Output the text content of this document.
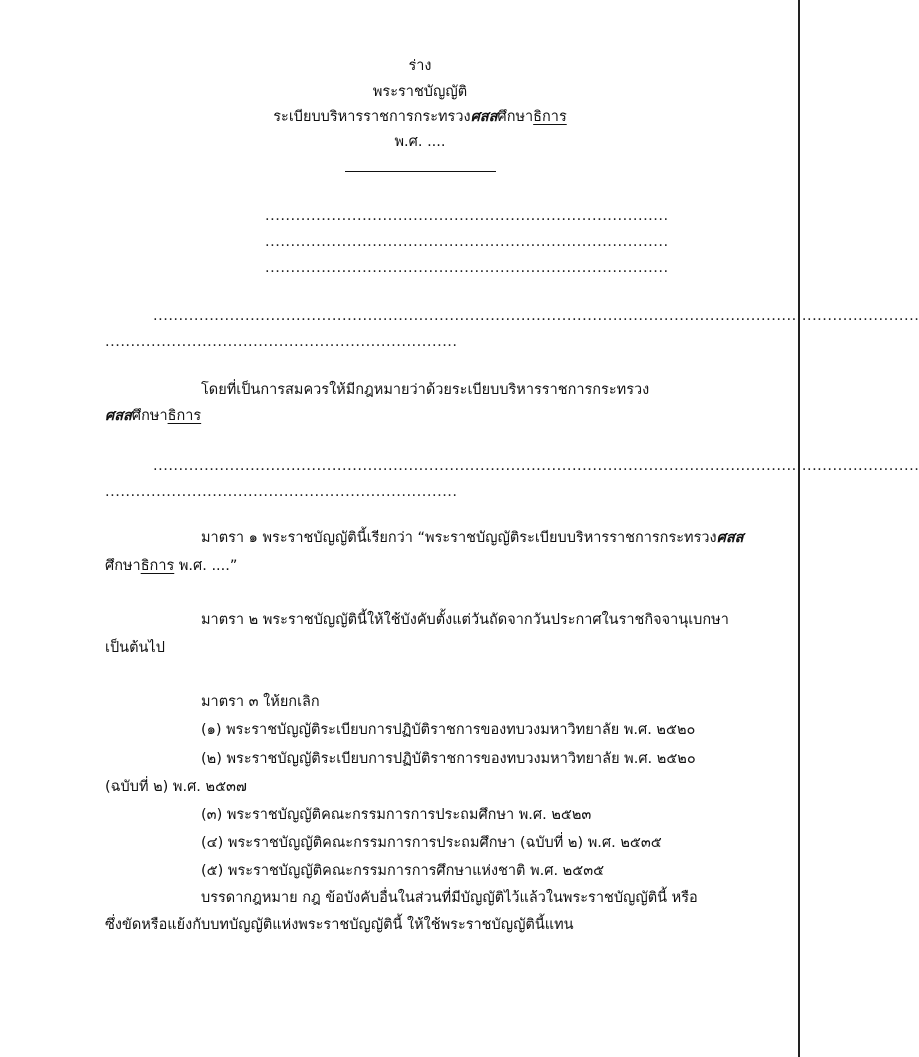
ร่าง
พระราชบัญญัติ
ระเบียบบริหารราชการกระทรวงศสสศึกษาธิการ
พ.ศ. ....
...............................................................................
...............................................................................
...............................................................................
......................................................................................................................................................
.....................................................................
โดยที่เป็นการสมควรให้มีกฎหมายว่าด้วยระเบียบบริหารราชการกระทรวง
ศสสศึกษาธิการ
......................................................................................................................................................
.....................................................................
มาตรา ๑ พระราชบัญญัตินี้เรียกว่า “พระราชบัญญัติระเบียบบริหารราชการกระทรวงศสส
ศึกษาธิการ พ.ศ. ....”
มาตรา ๒ พระราชบัญญัตินี้ให้ใช้บังคับตั้งแต่วันถัดจากวันประกาศในราชกิจจานุเบกษา
เป็นต้นไป
มาตรา ๓ ให้ยกเลิก
(๑) พระราชบัญญัติระเบียบการปฏิบัติราชการของทบวงมหาวิทยาลัย พ.ศ. ๒๕๒๐
(๒) พระราชบัญญัติระเบียบการปฏิบัติราชการของทบวงมหาวิทยาลัย พ.ศ. ๒๕๒๐
(ฉบับที่ ๒) พ.ศ. ๒๕๓๗
(๓) พระราชบัญญัติคณะกรรมการการประถมศึกษา พ.ศ. ๒๕๒๓
(๔) พระราชบัญญัติคณะกรรมการการประถมศึกษา (ฉบับที่ ๒) พ.ศ. ๒๕๓๕
(๕) พระราชบัญญัติคณะกรรมการการศึกษาแห่งชาติ พ.ศ. ๒๕๓๕
บรรดากฎหมาย กฎ ข้อบังคับอื่นในส่วนที่มีบัญญัติไว้แล้วในพระราชบัญญัตินี้ หรือ
ซึ่งขัดหรือแย้งกับบทบัญญัติแห่งพระราชบัญญัตินี้ ให้ใช้พระราชบัญญัตินี้แทน
